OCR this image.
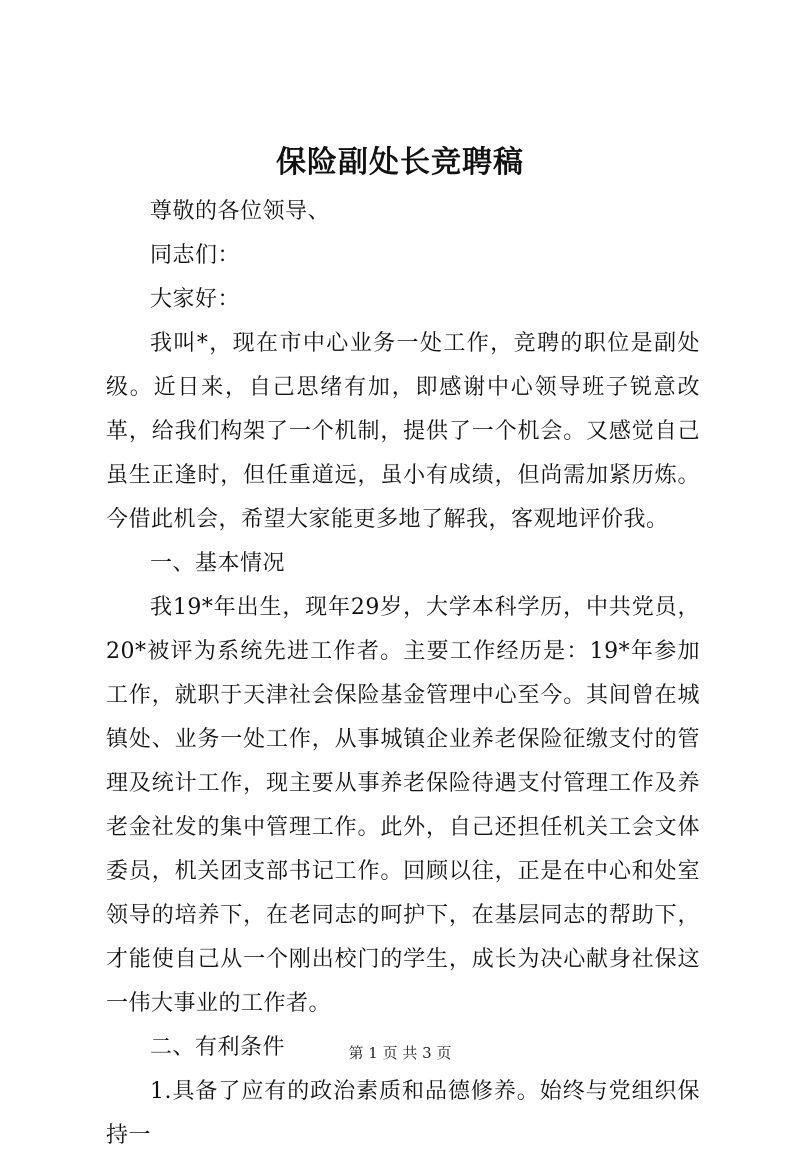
保险副处长竞聘稿

尊敬的各位领导、

同志们：

大家好：

我叫*，现在市中心业务一处工作，竞聘的职位是副处级。近日来，自己思绪有加，即感谢中心领导班子锐意改革，给我们构架了一个机制，提供了一个机会。又感觉自己虽生正逢时，但任重道远，虽小有成绩，但尚需加紧历炼。今借此机会，希望大家能更多地了解我，客观地评价我。

一、基本情况

我19*年出生，现年29岁，大学本科学历，中共党员，20*被评为系统先进工作者。主要工作经历是：19*年参加工作，就职于天津社会保险基金管理中心至今。其间曾在城镇处、业务一处工作，从事城镇企业养老保险征缴支付的管理及统计工作，现主要从事养老保险待遇支付管理工作及养老金社发的集中管理工作。此外，自己还担任机关工会文体委员，机关团支部书记工作。回顾以往，正是在中心和处室领导的培养下，在老同志的呵护下，在基层同志的帮助下，才能使自己从一个刚出校门的学生，成长为决心献身社保这一伟大事业的工作者。

二、有利条件

1.具备了应有的政治素质和品德修养。始终与党组织保持一

第 1 页 共 3 页
